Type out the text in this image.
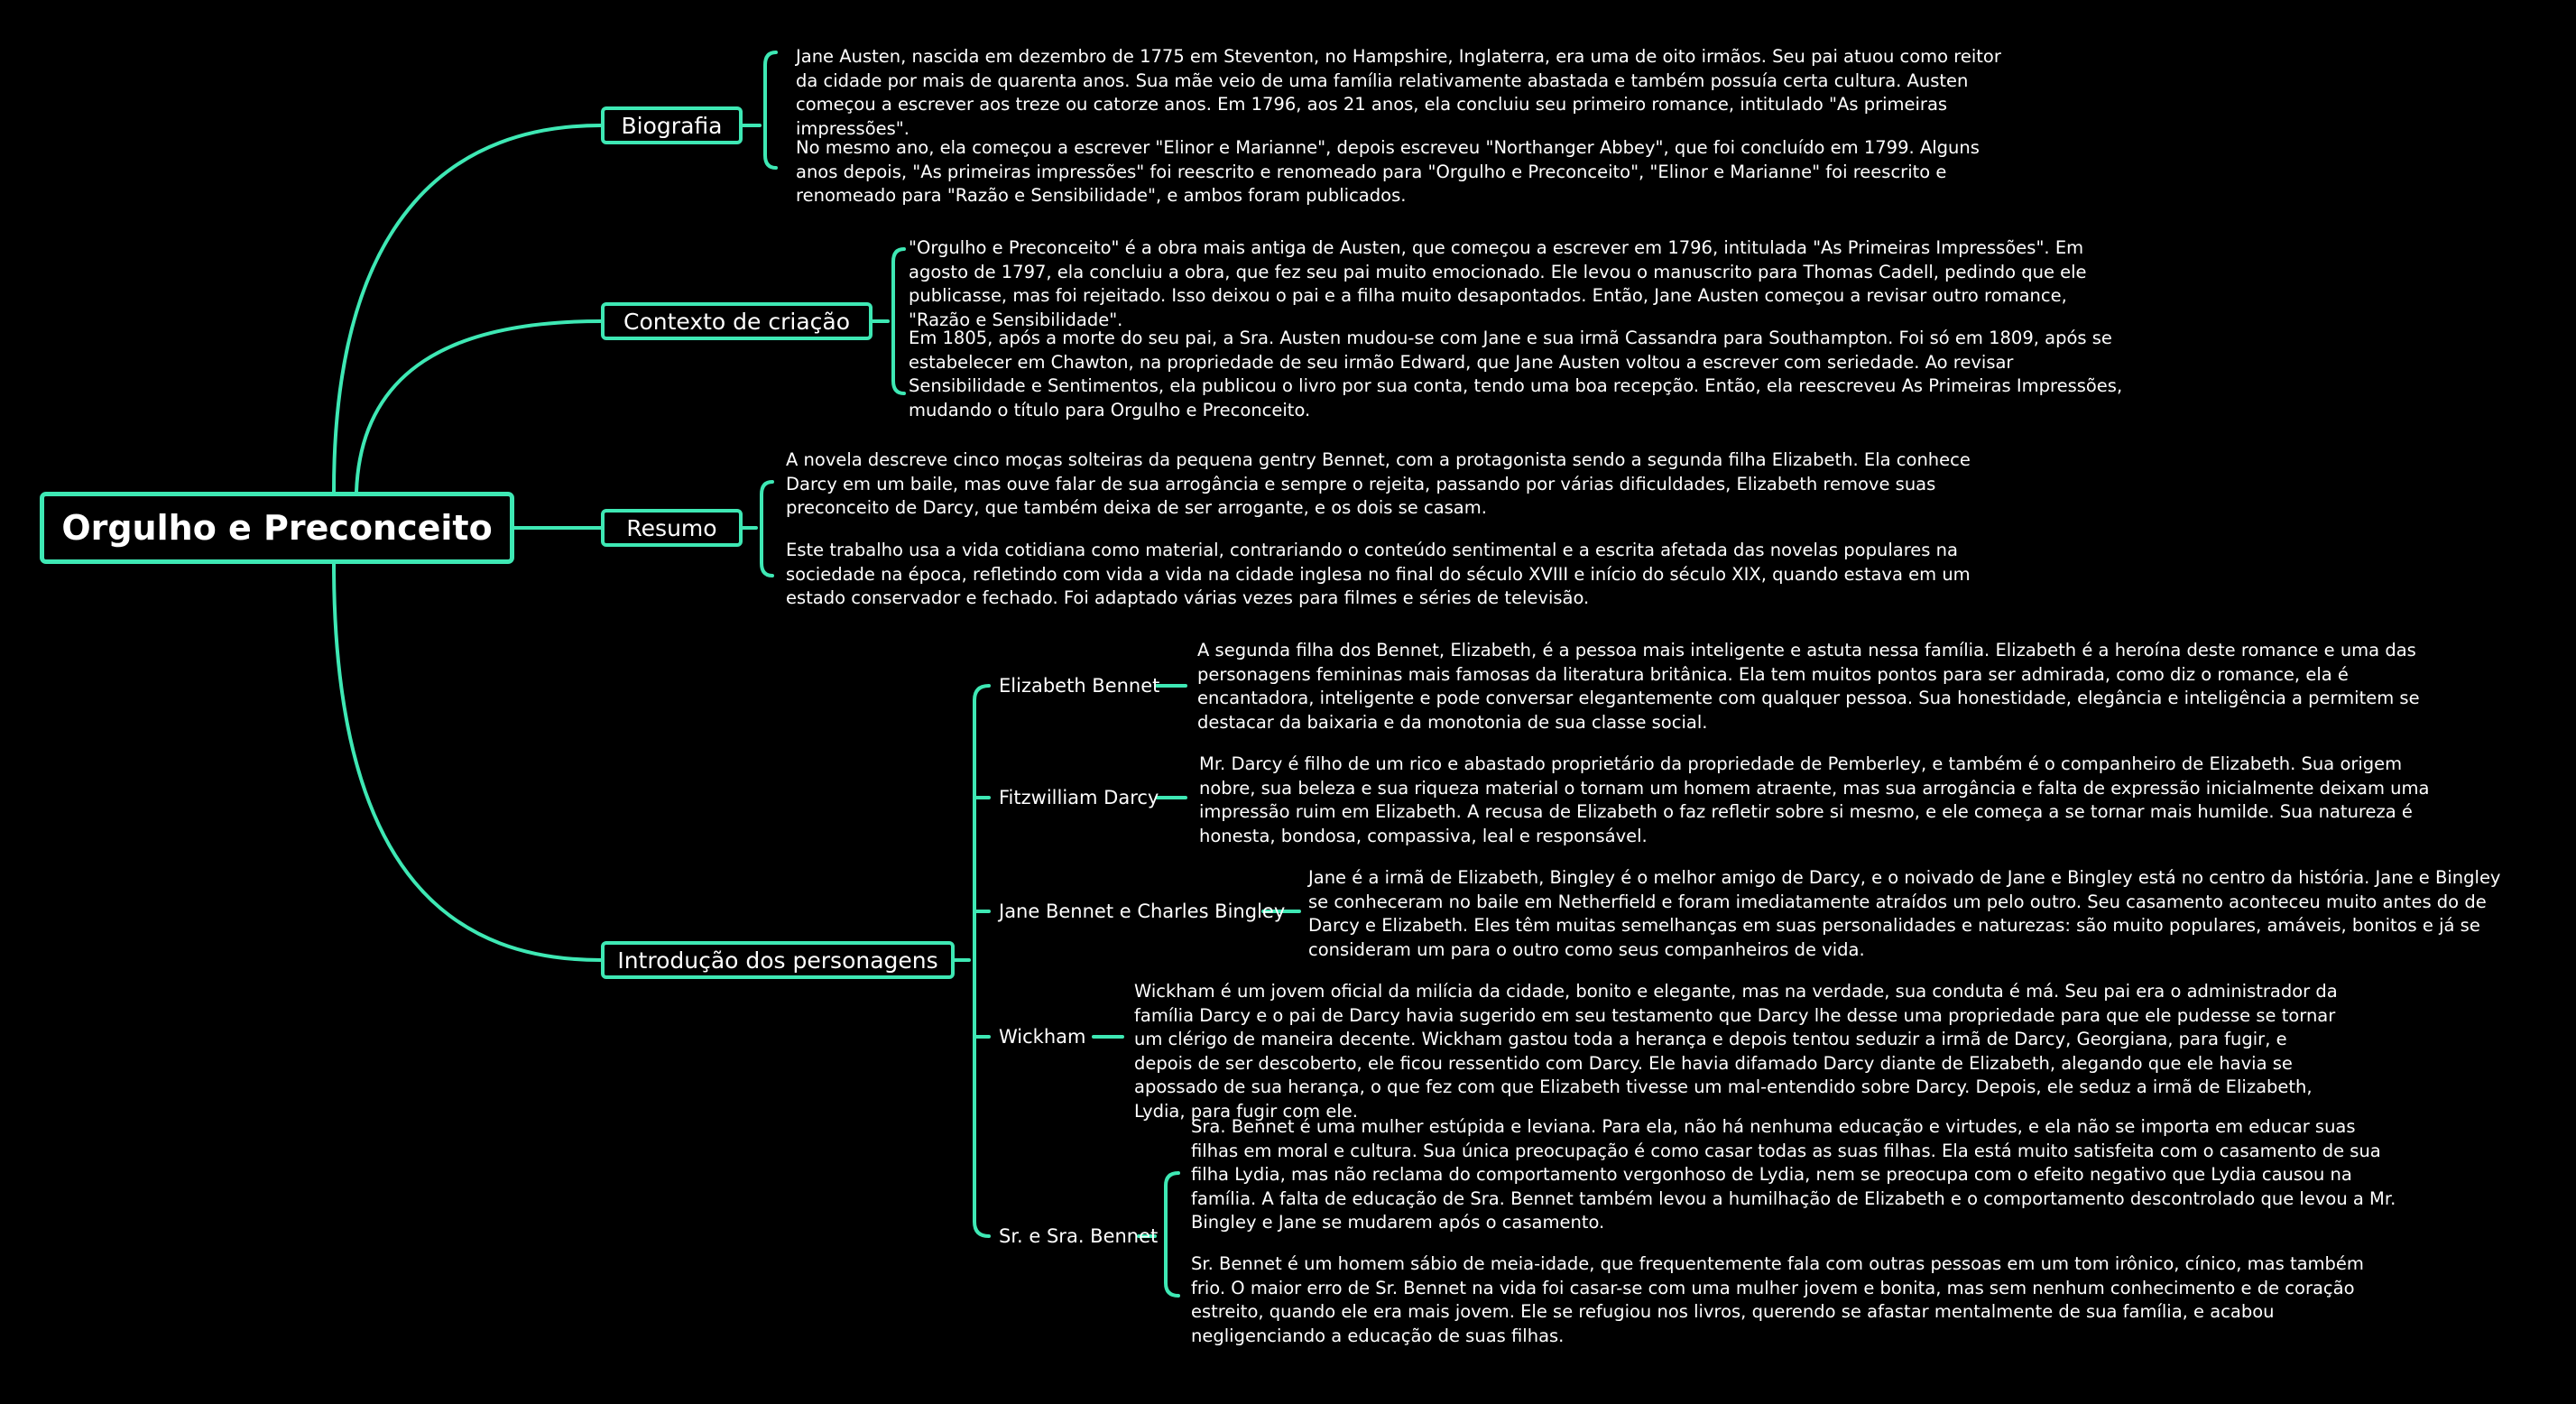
Orgulho e Preconceito
Biografia

Jane Austen, nascida em dezembro de 1775 em Steventon, no Hampshire, Inglaterra, era uma de oito irmãos. Seu pai atuou como reitor da cidade por mais de quarenta anos. Sua mãe veio de uma família relativamente abastada e também possuía certa cultura. Austen começou a escrever aos treze ou catorze anos. Em 1796, aos 21 anos, ela concluiu seu primeiro romance, intitulado "As primeiras impressões".

No mesmo ano, ela começou a escrever "Elinor e Marianne", depois escreveu "Northanger Abbey", que foi concluído em 1799. Alguns anos depois, "As primeiras impressões" foi reescrito e renomeado para "Orgulho e Preconceito", "Elinor e Marianne" foi reescrito e renomeado para "Razão e Sensibilidade", e ambos foram publicados.

Contexto de criação

"Orgulho e Preconceito" é a obra mais antiga de Austen, que começou a escrever em 1796, intitulada "As Primeiras Impressões". Em agosto de 1797, ela concluiu a obra, que fez seu pai muito emocionado. Ele levou o manuscrito para Thomas Cadell, pedindo que ele publicasse, mas foi rejeitado. Isso deixou o pai e a filha muito desapontados. Então, Jane Austen começou a revisar outro romance, "Razão e Sensibilidade".

Em 1805, após a morte do seu pai, a Sra. Austen mudou-se com Jane e sua irmã Cassandra para Southampton. Foi só em 1809, após se estabelecer em Chawton, na propriedade de seu irmão Edward, que Jane Austen voltou a escrever com seriedade. Ao revisar Sensibilidade e Sentimentos, ela publicou o livro por sua conta, tendo uma boa recepção. Então, ela reescreveu As Primeiras Impressões, mudando o título para Orgulho e Preconceito.

Resumo

A novela descreve cinco moças solteiras da pequena gentry Bennet, com a protagonista sendo a segunda filha Elizabeth. Ela conhece Darcy em um baile, mas ouve falar de sua arrogância e sempre o rejeita, passando por várias dificuldades, Elizabeth remove suas preconceito de Darcy, que também deixa de ser arrogante, e os dois se casam.

Este trabalho usa a vida cotidiana como material, contrariando o conteúdo sentimental e a escrita afetada das novelas populares na sociedade na época, refletindo com vida a vida na cidade inglesa no final do século XVIII e início do século XIX, quando estava em um estado conservador e fechado. Foi adaptado várias vezes para filmes e séries de televisão.

Introdução dos personagens
Elizabeth Bennet

A segunda filha dos Bennet, Elizabeth, é a pessoa mais inteligente e astuta nessa família. Elizabeth é a heroína deste romance e uma das personagens femininas mais famosas da literatura britânica. Ela tem muitos pontos para ser admirada, como diz o romance, ela é encantadora, inteligente e pode conversar elegantemente com qualquer pessoa. Sua honestidade, elegância e inteligência a permitem se destacar da baixaria e da monotonia de sua classe social.

Fitzwilliam Darcy

Mr. Darcy é filho de um rico e abastado proprietário da propriedade de Pemberley, e também é o companheiro de Elizabeth. Sua origem nobre, sua beleza e sua riqueza material o tornam um homem atraente, mas sua arrogância e falta de expressão inicialmente deixam uma impressão ruim em Elizabeth. A recusa de Elizabeth o faz refletir sobre si mesmo, e ele começa a se tornar mais humilde. Sua natureza é honesta, bondosa, compassiva, leal e responsável.

Jane Bennet e Charles Bingley

Jane é a irmã de Elizabeth, Bingley é o melhor amigo de Darcy, e o noivado de Jane e Bingley está no centro da história. Jane e Bingley se conheceram no baile em Netherfield e foram imediatamente atraídos um pelo outro. Seu casamento aconteceu muito antes do de Darcy e Elizabeth. Eles têm muitas semelhanças em suas personalidades e naturezas: são muito populares, amáveis, bonitos e já se consideram um para o outro como seus companheiros de vida.

Wickham

Wickham é um jovem oficial da milícia da cidade, bonito e elegante, mas na verdade, sua conduta é má. Seu pai era o administrador da família Darcy e o pai de Darcy havia sugerido em seu testamento que Darcy lhe desse uma propriedade para que ele pudesse se tornar um clérigo de maneira decente. Wickham gastou toda a herança e depois tentou seduzir a irmã de Darcy, Georgiana, para fugir, e depois de ser descoberto, ele ficou ressentido com Darcy. Ele havia difamado Darcy diante de Elizabeth, alegando que ele havia se apossado de sua herança, o que fez com que Elizabeth tivesse um mal-entendido sobre Darcy. Depois, ele seduz a irmã de Elizabeth, Lydia, para fugir com ele.

Sr. e Sra. Bennet

Sra. Bennet é uma mulher estúpida e leviana. Para ela, não há nenhuma educação e virtudes, e ela não se importa em educar suas filhas em moral e cultura. Sua única preocupação é como casar todas as suas filhas. Ela está muito satisfeita com o casamento de sua filha Lydia, mas não reclama do comportamento vergonhoso de Lydia, nem se preocupa com o efeito negativo que Lydia causou na família. A falta de educação de Sra. Bennet também levou a humilhação de Elizabeth e o comportamento descontrolado que levou a Mr. Bingley e Jane se mudarem após o casamento.

Sr. Bennet é um homem sábio de meia-idade, que frequentemente fala com outras pessoas em um tom irônico, cínico, mas também frio. O maior erro de Sr. Bennet na vida foi casar-se com uma mulher jovem e bonita, mas sem nenhum conhecimento e de coração estreito, quando ele era mais jovem. Ele se refugiou nos livros, querendo se afastar mentalmente de sua família, e acabou negligenciando a educação de suas filhas.
